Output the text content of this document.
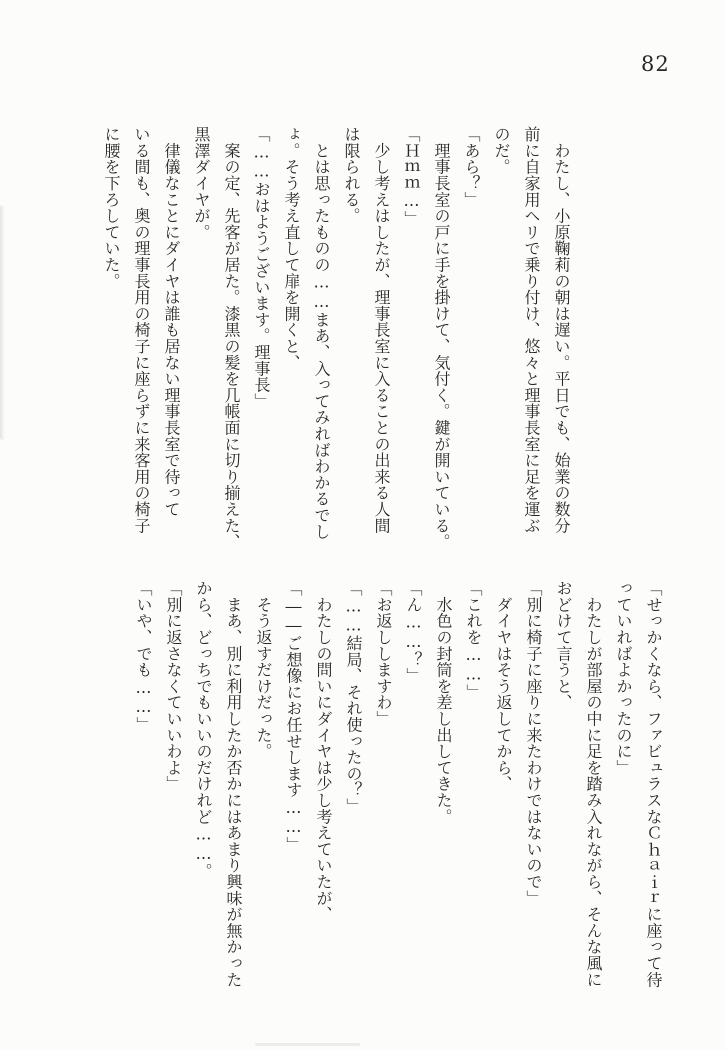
82

　わたし、小原鞠莉の朝は遅い。平日でも、始業の数分

前に自家用ヘリで乗り付け、悠々と理事長室に足を運ぶ

のだ。

「あら？」

　理事長室の戸に手を掛けて、気付く。鍵が開いている。

「Ｈｍｍ…」

　少し考えはしたが、理事長室に入ることの出来る人間

は限られる。

　とは思ったものの……まあ、入ってみればわかるでし

ょ。そう考え直して扉を開くと、

「……おはようございます。理事長」

　案の定、先客が居た。漆黒の髪を几帳面に切り揃えた、

黒澤ダイヤが。

　律儀なことにダイヤは誰も居ない理事長室で待って

いる間も、奥の理事長用の椅子に座らずに来客用の椅子

に腰を下ろしていた。

「せっかくなら、ファビュラスなＣｈａｉｒに座って待

っていればよかったのに」

　わたしが部屋の中に足を踏み入れながら、そんな風に

おどけて言うと、

「別に椅子に座りに来たわけではないので」

　ダイヤはそう返してから、

「これを……」

　水色の封筒を差し出してきた。

「ん……？」

「お返ししますわ」

「……結局、それ使ったの？」

　わたしの問いにダイヤは少し考えていたが、

「――ご想像にお任せします……」

　そう返すだけだった。

　まあ、別に利用したか否かにはあまり興味が無かった

から、どっちでもいいのだけれど……。

「別に返さなくていいわよ」

「いや、でも……」
